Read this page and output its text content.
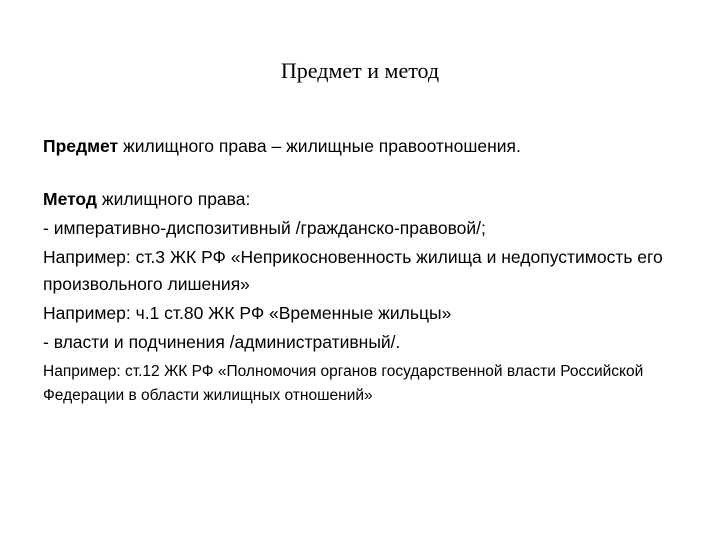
Предмет и метод

Предмет жилищного права – жилищные правоотношения.

Метод жилищного права:

- императивно-диспозитивный /гражданско-правовой/;

Например: ст.3 ЖК РФ «Неприкосновенность жилища и недопустимость его произвольного лишения»

Например: ч.1 ст.80 ЖК РФ «Временные жильцы»

- власти и подчинения /административный/.

Например: ст.12 ЖК РФ «Полномочия органов государственной власти Российской Федерации в области жилищных отношений»
